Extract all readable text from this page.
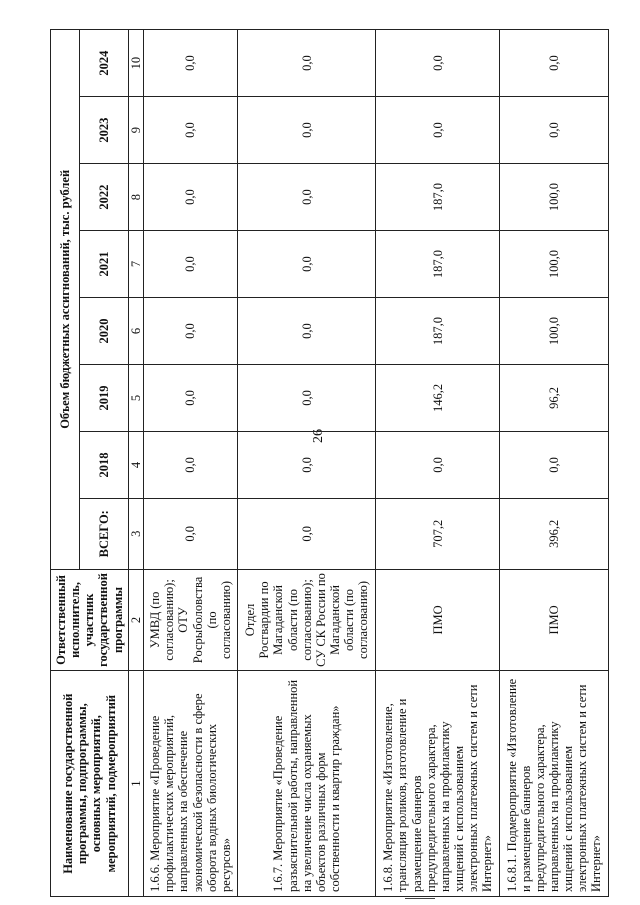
26
Наименование государственной программы, подпрограммы, основных мероприятий, мероприятий, подмероприятий	Ответственный исполнитель, участник государственной программы	Объем бюджетных ассигнований, тыс. рублей							
		ВСЕГО:	2018	2019	2020	2021	2022	2023	2024
1	2	3	4	5	6	7	8	9	10
1.6.6. Мероприятие «Проведение профилактических мероприятий, направленных на обеспечение экономической безопасности в сфере оборота водных биологических ресурсов»	УМВД (по согласованию); ОТУ Росрыболовства (по согласованию)	0,0	0,0	0,0	0,0	0,0	0,0	0,0	0,0
1.6.7. Мероприятие «Проведение разъяснительной работы, направленной на увеличение числа охраняемых объектов различных форм собственности и квартир граждан»	Отдел Росгвардии по Магаданской области (по согласованию); СУ СК России по Магаданской области (по согласованию)	0,0	0,0	0,0	0,0	0,0	0,0	0,0	0,0
1.6.8. Мероприятие «Изготовление, трансляция роликов, изготовление и размещение баннеров предупредительного характера, направленных на профилактику хищений с использованием электронных платежных систем и сети Интернет»	ПМО	707,2	0,0	146,2	187,0	187,0	187,0	0,0	0,0
1.6.8.1. Подмероприятие «Изготовление и размещение баннеров предупредительного характера, направленных на профилактику хищений с использованием электронных платежных систем и сети Интернет»	ПМО	396,2	0,0	96,2	100,0	100,0	100,0	0,0	0,0
